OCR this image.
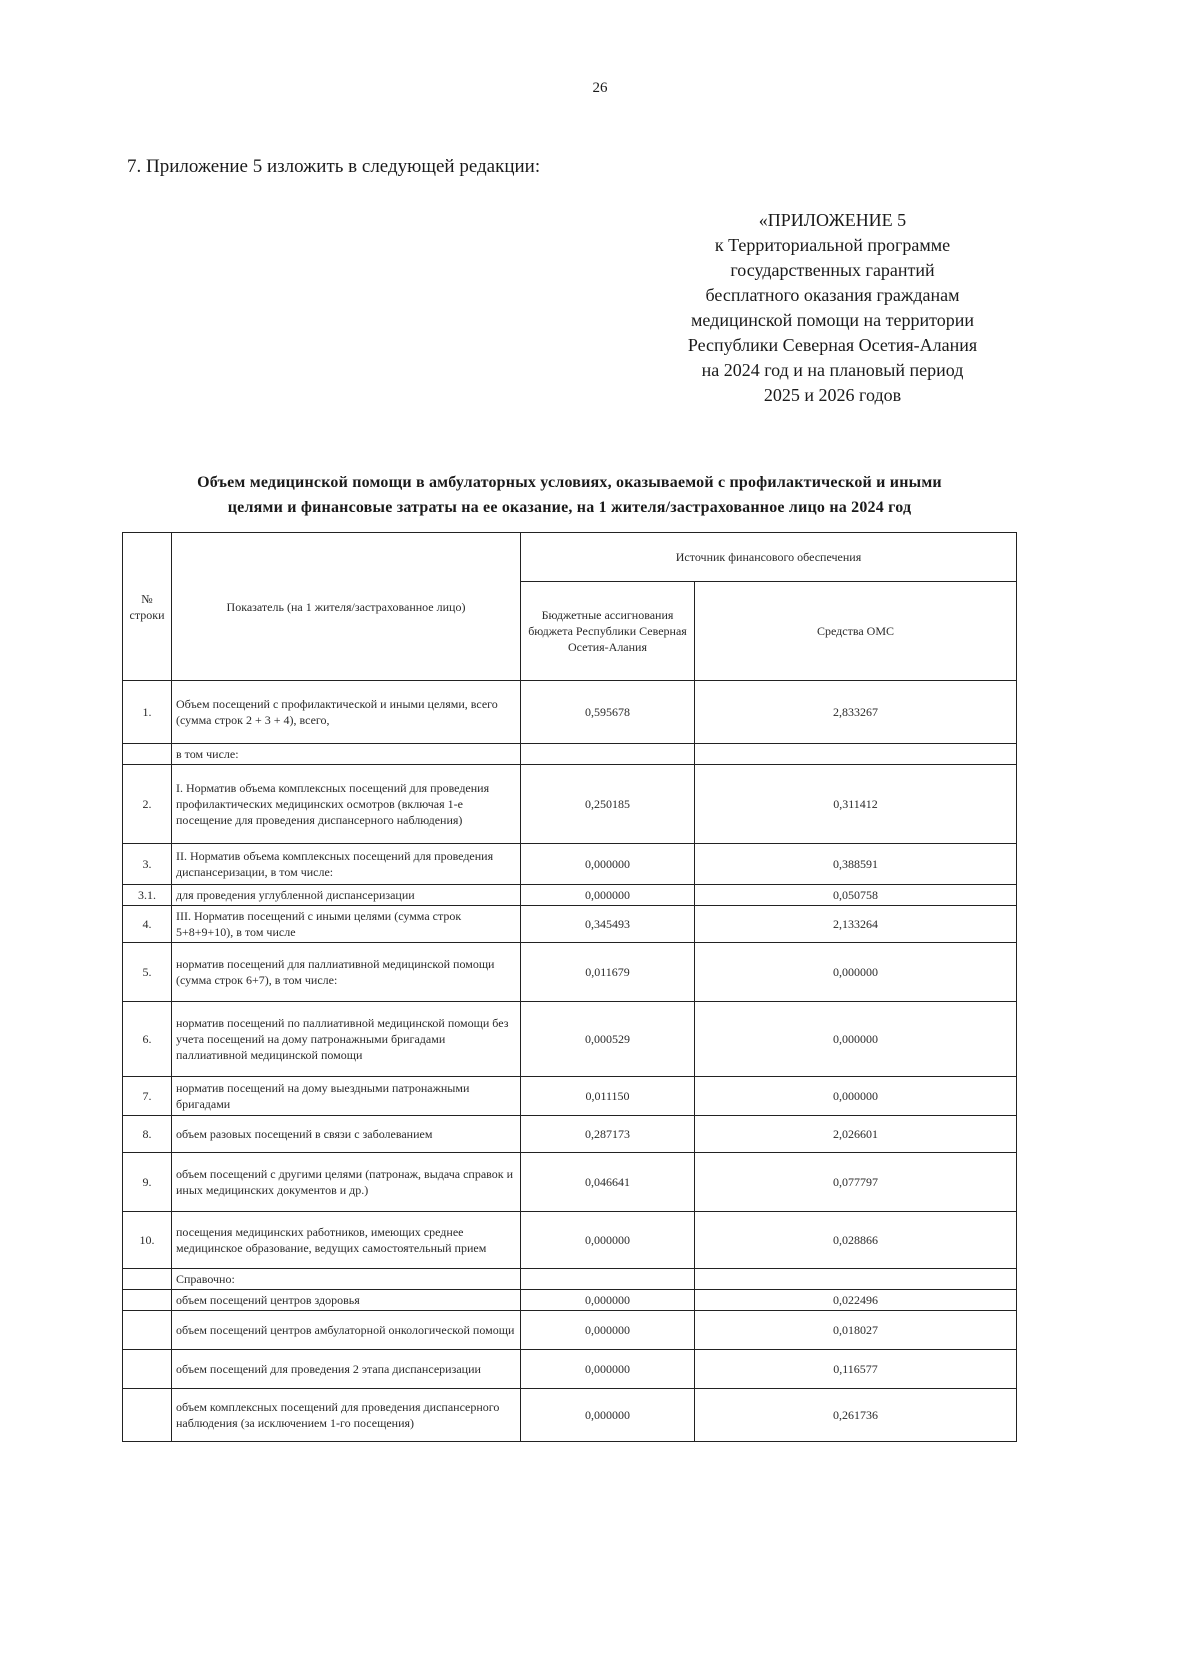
26
7. Приложение 5 изложить в следующей редакции:
«ПРИЛОЖЕНИЕ 5
к Территориальной программе
государственных гарантий
бесплатного оказания гражданам
медицинской помощи на территории
Республики Северная Осетия-Алания
на 2024 год и на плановый период
2025 и 2026 годов
Объем медицинской помощи в амбулаторных условиях, оказываемой с профилактической и иными
целями и финансовые затраты на ее оказание, на 1 жителя/застрахованное лицо на 2024 год
№ строки	Показатель (на 1 жителя/застрахованное лицо)	Источник финансового обеспечения	
		Бюджетные ассигнования бюджета Республики Северная Осетия-Алания	Средства ОМС
1.	Объем посещений с профилактической и иными целями, всего (сумма строк 2 + 3 + 4), всего,	0,595678	2,833267
	в том числе:		
2.	I. Норматив объема комплексных посещений для проведения профилактических медицинских осмотров (включая 1-е посещение для проведения диспансерного наблюдения)	0,250185	0,311412
3.	II. Норматив объема комплексных посещений для проведения диспансеризации, в том числе:	0,000000	0,388591
3.1.	для проведения углубленной диспансеризации	0,000000	0,050758
4.	III. Норматив посещений с иными целями (сумма строк 5+8+9+10), в том числе	0,345493	2,133264
5.	норматив посещений для паллиативной медицинской помощи (сумма строк 6+7), в том числе:	0,011679	0,000000
6.	норматив посещений по паллиативной медицинской помощи без учета посещений на дому патронажными бригадами паллиативной медицинской помощи	0,000529	0,000000
7.	норматив посещений на дому выездными патронажными бригадами	0,011150	0,000000
8.	объем разовых посещений в связи с заболеванием	0,287173	2,026601
9.	объем посещений с другими целями (патронаж, выдача справок и иных медицинских документов и др.)	0,046641	0,077797
10.	посещения медицинских работников, имеющих среднее медицинское образование, ведущих самостоятельный прием	0,000000	0,028866
	Справочно:		
	объем посещений центров здоровья	0,000000	0,022496
	объем посещений центров амбулаторной онкологической помощи	0,000000	0,018027
	объем посещений для проведения 2 этапа диспансеризации	0,000000	0,116577
	объем комплексных посещений для проведения диспансерного наблюдения (за исключением 1-го посещения)	0,000000	0,261736
